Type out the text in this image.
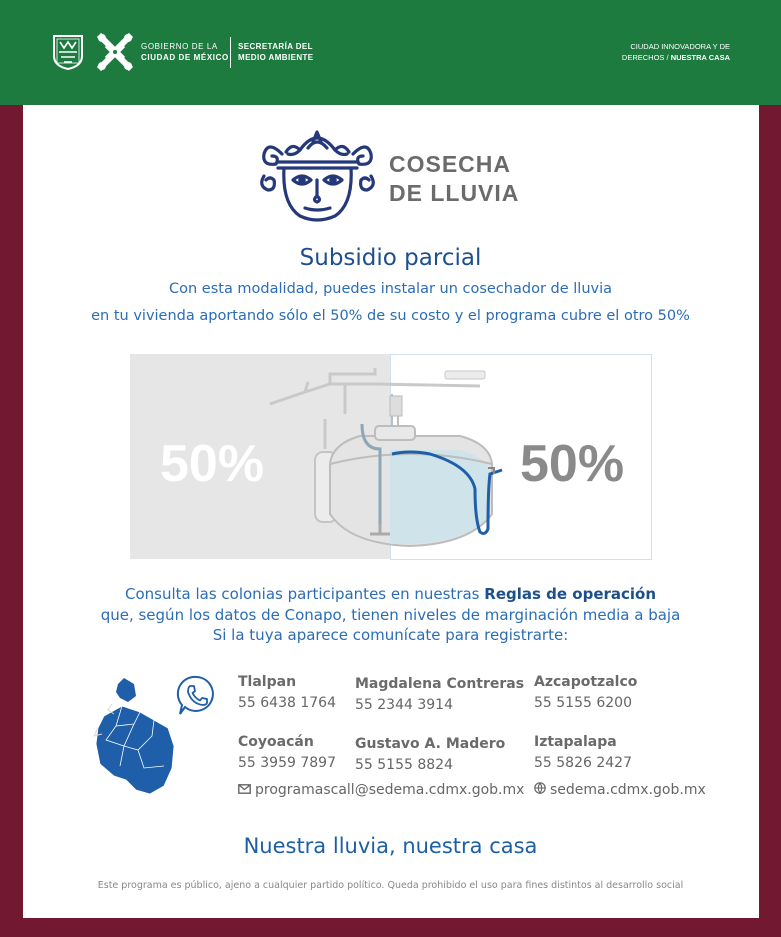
GOBIERNO DE LA
CIUDAD DE MÉXICO
SECRETARÍA DEL
MEDIO AMBIENTE
CIUDAD INNOVADORA Y DE
DERECHOS / NUESTRA CASA
COSECHA
DE LLUVIA
Subsidio parcial
Con esta modalidad, puedes instalar un cosechador de lluvia
en tu vivienda aportando sólo el 50% de su costo y el programa cubre el otro 50%
50%	50%
Consulta las colonias participantes en nuestras Reglas de operación
que, según los datos de Conapo, tienen niveles de marginación media a baja
Si la tuya aparece comunícate para registrarte:
Tlalpan
55 6438 1764
Magdalena Contreras
55 2344 3914
Azcapotzalco
55 5155 6200
Coyoacán
55 3959 7897
Gustavo A. Madero
55 5155 8824
Iztapalapa
55 5826 2427
programascall@sedema.cdmx.gob.mx	sedema.cdmx.gob.mx
Nuestra lluvia, nuestra casa
Este programa es público, ajeno a cualquier partido político. Queda prohibido el uso para fines distintos al desarrollo social
